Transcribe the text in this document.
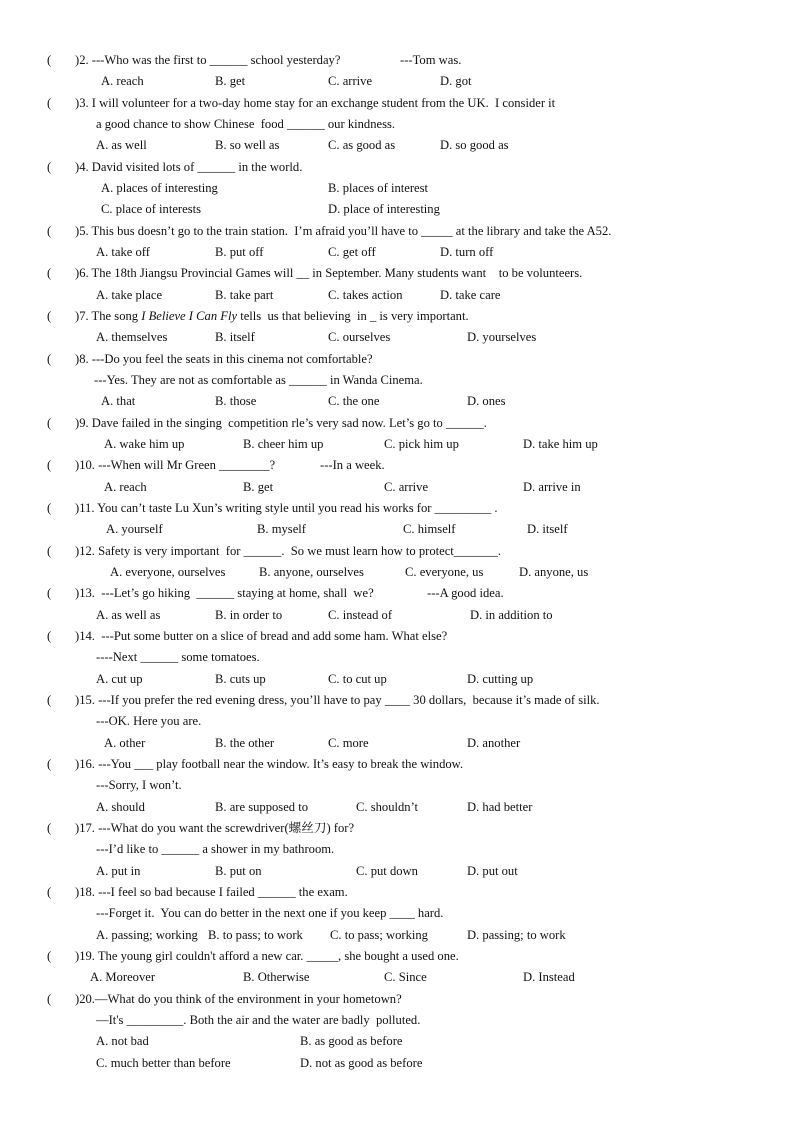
( )2. ---Who was the first to ______ school yesterday?	---Tom was.
A. reach	B. get	C. arrive	D. got
( )3. I will volunteer for a two-day home stay for an exchange student from the UK.  I consider it
a good chance to show Chinese  food ______ our kindness.
A. as well	B. so well as	C. as good as	D. so good as
( )4. David visited lots of ______ in the world.
A. places of interesting	B. places of interest
C. place of interests	D. place of interesting
( )5. This bus doesn’t go to the train station.  I’m afraid you’ll have to _____ at the library and take the A52.
A. take off	B. put off	C. get off	D. turn off
( )6. The 18th Jiangsu Provincial Games will __ in September. Many students want    to be volunteers.
A. take place	B. take part	C. takes action	D. take care
( )7. The song I Believe I Can Fly tells  us that believing  in _ is very important.
A. themselves	B. itself	C. ourselves	D. yourselves
( )8. ---Do you feel the seats in this cinema not comfortable?
---Yes. They are not as comfortable as ______ in Wanda Cinema.
A. that	B. those	C. the one	D. ones
( )9. Dave failed in the singing  competition rle’s very sad now. Let’s go to ______.
A. wake him up	B. cheer him up	C. pick him up	D. take him up
( )10. ---When will Mr Green ________?	---In a week.
A. reach	B. get	C. arrive	D. arrive in
( )11. You can’t taste Lu Xun’s writing style until you read his works for _________ .
A. yourself	B. myself	C. himself	D. itself
( )12. Safety is very important  for ______.  So we must learn how to protect_______.
A. everyone, ourselves	B. anyone, ourselves	C. everyone, us	D. anyone, us
( )13.  ---Let’s go hiking  ______ staying at home, shall  we?	---A good idea.
A. as well as	B. in order to	C. instead of	D. in addition to
( )14.  ---Put some butter on a slice of bread and add some ham. What else?
----Next ______ some tomatoes.
A. cut up	B. cuts up	C. to cut up	D. cutting up
( )15. ---If you prefer the red evening dress, you’ll have to pay ____ 30 dollars,  because it’s made of silk.
---OK. Here you are.
A. other	B. the other	C. more	D. another
( )16. ---You ___ play football near the window. It’s easy to break the window.
---Sorry, I won’t.
A. should	B. are supposed to	C. shouldn’t	D. had better
( )17. ---What do you want the screwdriver(螺丝刀) for?
---I’d like to ______ a shower in my bathroom.
A. put in	B. put on	C. put down	D. put out
( )18. ---I feel so bad because I failed ______ the exam.
---Forget it.  You can do better in the next one if you keep ____ hard.
A. passing; working B. to pass; to work C. to pass; working	D. passing; to work
( )19. The young girl couldn't afford a new car. _____, she bought a used one.
A. Moreover	B. Otherwise	C. Since	D. Instead
( )20.—What do you think of the environment in your hometown?
—It's _________. Both the air and the water are badly  polluted.
A. not bad	B. as good as before
C. much better than before	D. not as good as before
